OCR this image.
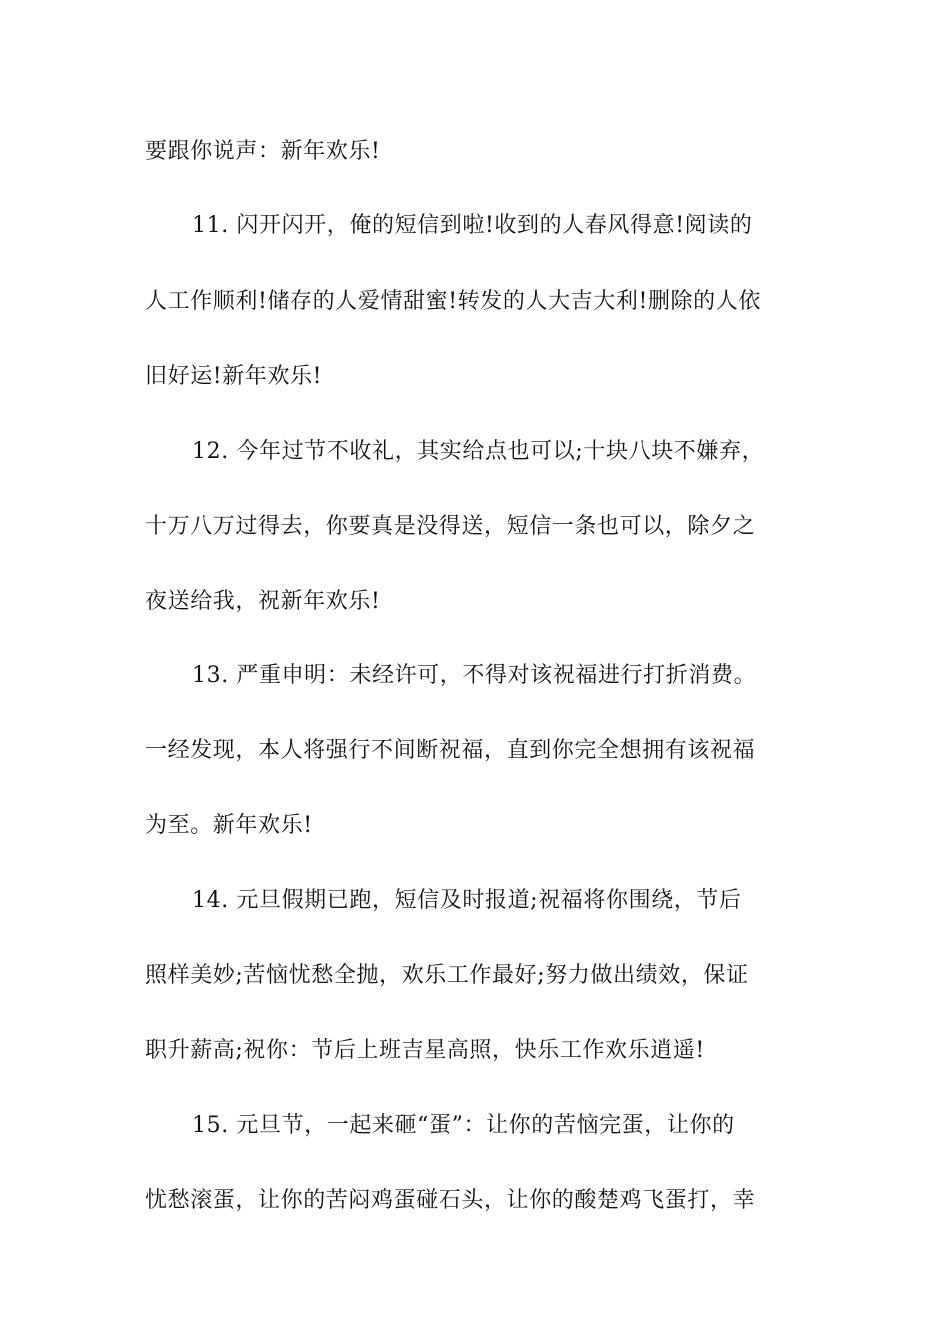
要跟你说声：新年欢乐!
11. 闪开闪开，俺的短信到啦!收到的人春风得意!阅读的
人工作顺利!储存的人爱情甜蜜!转发的人大吉大利!删除的人依
旧好运!新年欢乐!
12. 今年过节不收礼，其实给点也可以;十块八块不嫌弃，
十万八万过得去，你要真是没得送，短信一条也可以，除夕之
夜送给我，祝新年欢乐!
13. 严重申明：未经许可，不得对该祝福进行打折消费。
一经发现，本人将强行不间断祝福，直到你完全想拥有该祝福
为至。新年欢乐!
14. 元旦假期已跑，短信及时报道;祝福将你围绕，节后
照样美妙;苦恼忧愁全抛，欢乐工作最好;努力做出绩效，保证
职升薪高;祝你：节后上班吉星高照，快乐工作欢乐逍遥!
15. 元旦节，一起来砸“蛋”：让你的苦恼完蛋，让你的
忧愁滚蛋，让你的苦闷鸡蛋碰石头，让你的酸楚鸡飞蛋打，幸
